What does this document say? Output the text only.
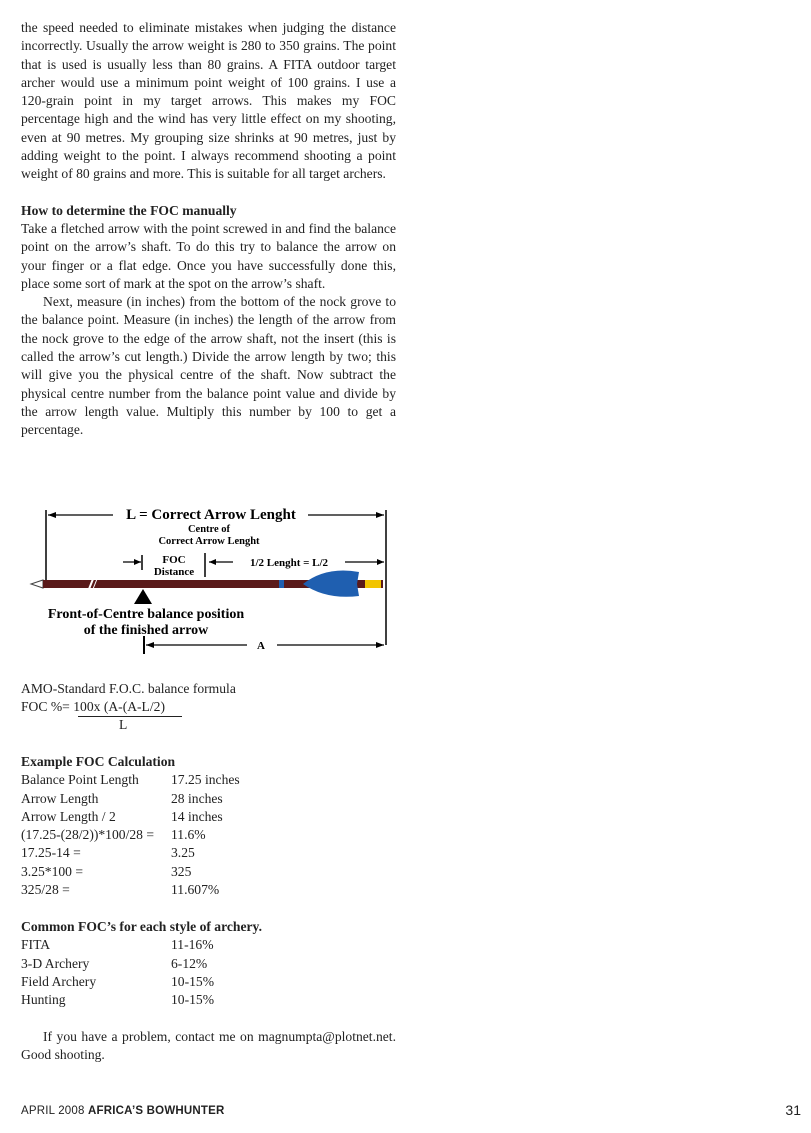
the speed needed to eliminate mistakes when judging the distance incorrectly. Usually the arrow weight is 280 to 350 grains. The point that is used is usually less than 80 grains. A FITA outdoor target archer would use a minimum point weight of 100 grains. I use a 120-grain point in my target arrows. This makes my FOC percentage high and the wind has very little effect on my shooting, even at 90 metres. My grouping size shrinks at 90 metres, just by adding weight to the point. I always recommend shooting a point weight of 80 grains and more. This is suitable for all target archers.

How to determine the FOC manually

Take a fletched arrow with the point screwed in and find the balance point on the arrow’s shaft. To do this try to balance the arrow on your finger or a flat edge. Once you have successfully done this, place some sort of mark at the spot on the arrow’s shaft.

Next, measure (in inches) from the bottom of the nock grove to the balance point. Measure (in inches) the length of the arrow from the nock grove to the edge of the arrow shaft, not the insert (this is called the arrow’s cut length.) Divide the arrow length by two; this will give you the physical centre of the shaft. Now subtract the physical centre number from the balance point value and divide by the arrow length value. Multiply this number by 100 to get a percentage.

L = Correct Arrow Lenght
Centre of
Correct Arrow Lenght
FOC
Distance
1/2 Lenght = L/2
Front-of-Centre balance position
of the finished arrow
A
AMO-Standard F.O.C. balance formula
FOC %= 100x (A-(A-L/2)
L
Example FOC Calculation
Balance Point Length	17.25 inches
Arrow Length	28 inches
Arrow Length / 2	14 inches
(17.25-(28/2))*100/28 =	11.6%
17.25-14 =	3.25
3.25*100 =	325
325/28 =	11.607%
Common FOC’s for each style of archery.
FITA	11-16%
3-D Archery	6-12%
Field Archery	10-15%
Hunting	10-15%
If you have a problem, contact me on magnumpta@plotnet.net. Good shooting.
APRIL 2008 AFRICA’S BOWHUNTER	31
